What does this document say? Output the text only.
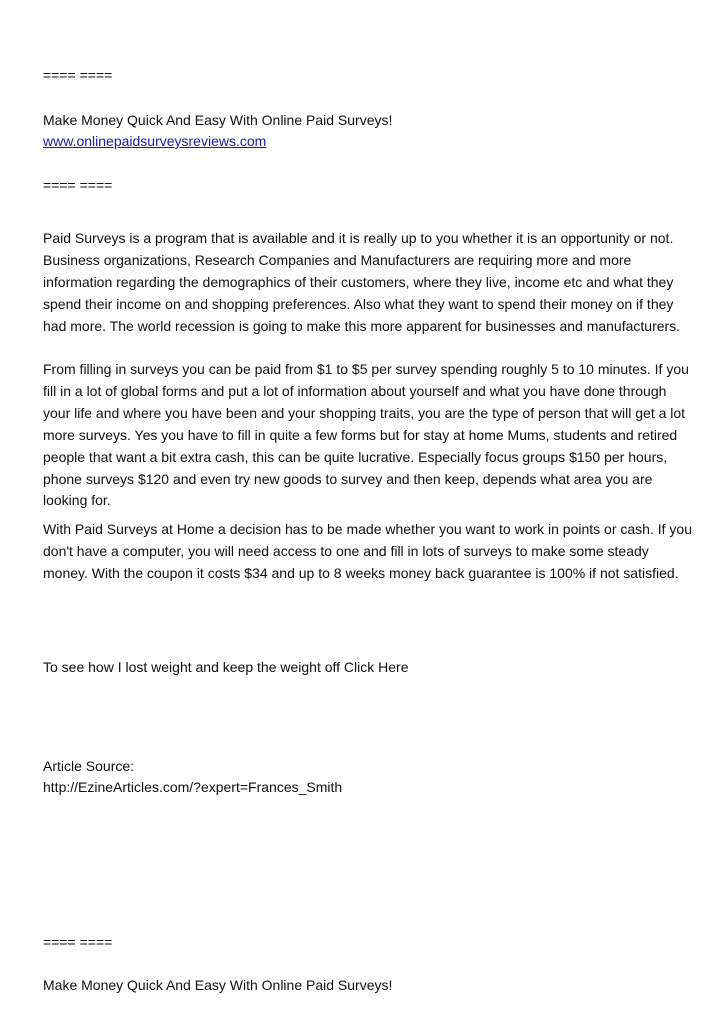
==== ====
Make Money Quick And Easy With Online Paid Surveys!
www.onlinepaidsurveysreviews.com
==== ====
Paid Surveys is a program that is available and it is really up to you whether it is an opportunity or not. Business organizations, Research Companies and Manufacturers are requiring more and more information regarding the demographics of their customers, where they live, income etc and what they spend their income on and shopping preferences. Also what they want to spend their money on if they had more. The world recession is going to make this more apparent for businesses and manufacturers.
From filling in surveys you can be paid from $1 to $5 per survey spending roughly 5 to 10 minutes. If you fill in a lot of global forms and put a lot of information about yourself and what you have done through your life and where you have been and your shopping traits, you are the type of person that will get a lot more surveys. Yes you have to fill in quite a few forms but for stay at home Mums, students and retired people that want a bit extra cash, this can be quite lucrative. Especially focus groups $150 per hours, phone surveys $120 and even try new goods to survey and then keep, depends what area you are looking for.
With Paid Surveys at Home a decision has to be made whether you want to work in points or cash. If you don't have a computer, you will need access to one and fill in lots of surveys to make some steady money. With the coupon it costs $34 and up to 8 weeks money back guarantee is 100% if not satisfied.
To see how I lost weight and keep the weight off Click Here
Article Source:
http://EzineArticles.com/?expert=Frances_Smith
==== ====
Make Money Quick And Easy With Online Paid Surveys!
